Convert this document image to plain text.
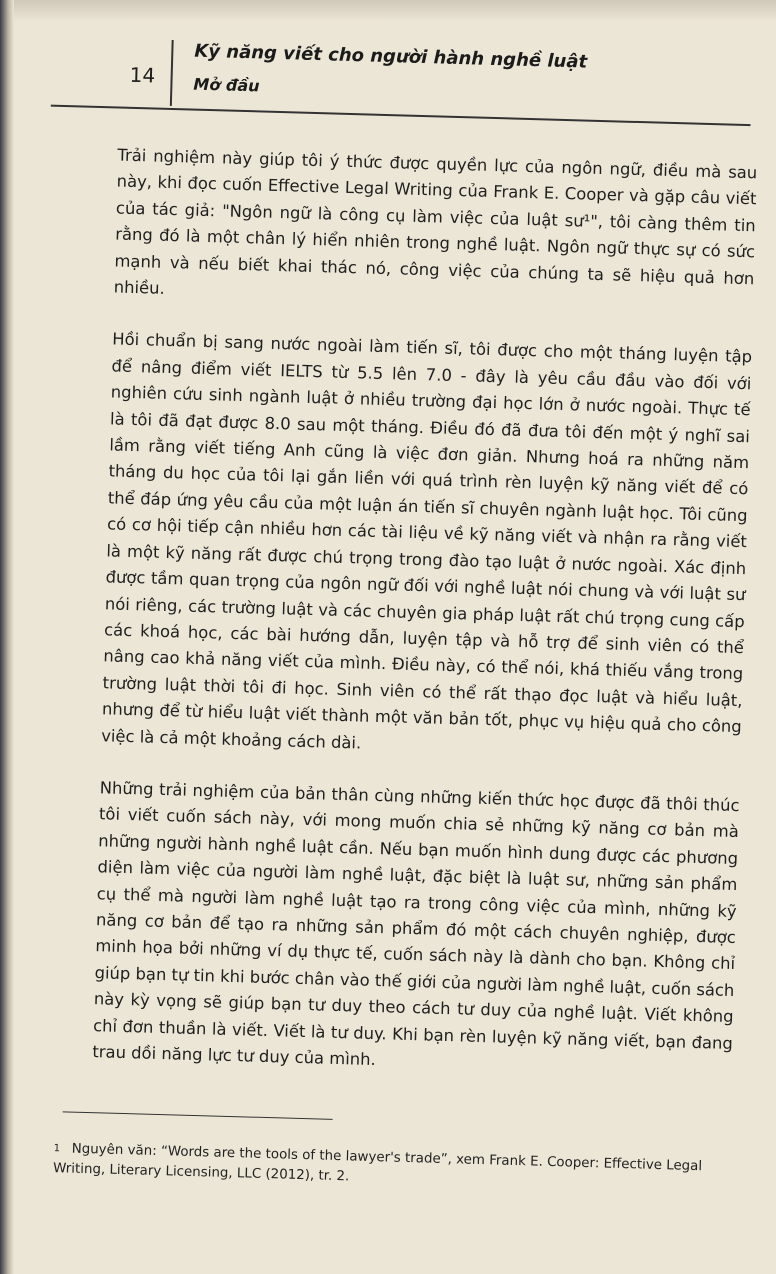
14
Kỹ năng viết cho người hành nghề luật
Mở đầu

Trải nghiệm này giúp tôi ý thức được quyền lực của ngôn ngữ, điều mà sau này, khi đọc cuốn Effective Legal Writing của Frank E. Cooper và gặp câu viết của tác giả: "Ngôn ngữ là công cụ làm việc của luật sư¹", tôi càng thêm tin rằng đó là một chân lý hiển nhiên trong nghề luật. Ngôn ngữ thực sự có sức mạnh và nếu biết khai thác nó, công việc của chúng ta sẽ hiệu quả hơn nhiều.

Hồi chuẩn bị sang nước ngoài làm tiến sĩ, tôi được cho một tháng luyện tập để nâng điểm viết IELTS từ 5.5 lên 7.0 - đây là yêu cầu đầu vào đối với nghiên cứu sinh ngành luật ở nhiều trường đại học lớn ở nước ngoài. Thực tế là tôi đã đạt được 8.0 sau một tháng. Điều đó đã đưa tôi đến một ý nghĩ sai lầm rằng viết tiếng Anh cũng là việc đơn giản. Nhưng hoá ra những năm tháng du học của tôi lại gắn liền với quá trình rèn luyện kỹ năng viết để có thể đáp ứng yêu cầu của một luận án tiến sĩ chuyên ngành luật học. Tôi cũng có cơ hội tiếp cận nhiều hơn các tài liệu về kỹ năng viết và nhận ra rằng viết là một kỹ năng rất được chú trọng trong đào tạo luật ở nước ngoài. Xác định được tầm quan trọng của ngôn ngữ đối với nghề luật nói chung và với luật sư nói riêng, các trường luật và các chuyên gia pháp luật rất chú trọng cung cấp các khoá học, các bài hướng dẫn, luyện tập và hỗ trợ để sinh viên có thể nâng cao khả năng viết của mình. Điều này, có thể nói, khá thiếu vắng trong trường luật thời tôi đi học. Sinh viên có thể rất thạo đọc luật và hiểu luật, nhưng để từ hiểu luật viết thành một văn bản tốt, phục vụ hiệu quả cho công việc là cả một khoảng cách dài.

Những trải nghiệm của bản thân cùng những kiến thức học được đã thôi thúc tôi viết cuốn sách này, với mong muốn chia sẻ những kỹ năng cơ bản mà những người hành nghề luật cần. Nếu bạn muốn hình dung được các phương diện làm việc của người làm nghề luật, đặc biệt là luật sư, những sản phẩm cụ thể mà người làm nghề luật tạo ra trong công việc của mình, những kỹ năng cơ bản để tạo ra những sản phẩm đó một cách chuyên nghiệp, được minh họa bởi những ví dụ thực tế, cuốn sách này là dành cho bạn. Không chỉ giúp bạn tự tin khi bước chân vào thế giới của người làm nghề luật, cuốn sách này kỳ vọng sẽ giúp bạn tư duy theo cách tư duy của nghề luật. Viết không chỉ đơn thuần là viết. Viết là tư duy. Khi bạn rèn luyện kỹ năng viết, bạn đang trau dồi năng lực tư duy của mình.

1 Nguyên văn: “Words are the tools of the lawyer's trade”, xem Frank E. Cooper: Effective Legal Writing, Literary Licensing, LLC (2012), tr. 2.
